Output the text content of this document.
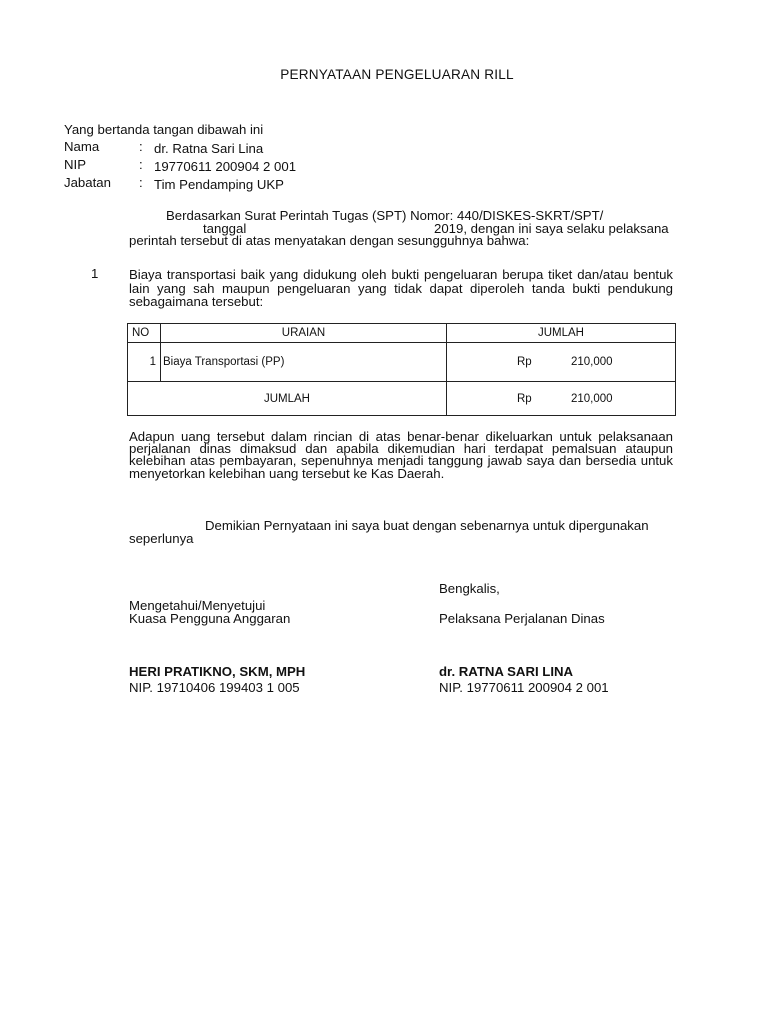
PERNYATAAN PENGELUARAN RILL
Yang bertanda tangan dibawah ini
Nama	: dr. Ratna Sari Lina
NIP	: 19770611 200904 2 001
Jabatan : Tim Pendamping UKP
Berdasarkan Surat Perintah Tugas (SPT) Nomor: 440/DISKES-SKRT/SPT/
tanggal	2019, dengan ini saya selaku pelaksana
perintah tersebut di atas menyatakan dengan sesungguhnya bahwa:
1 Biaya transportasi baik yang didukung oleh bukti pengeluaran berupa tiket dan/atau bentuk lain yang sah maupun pengeluaran yang tidak dapat diperoleh tanda bukti pendukung sebagaimana tersebut:
NO	URAIAN	JUMLAH
1	Biaya Transportasi (PP)	Rp 210,000
JUMLAH		Rp 210,000
Adapun uang tersebut dalam rincian di atas benar-benar dikeluarkan untuk pelaksanaan perjalanan dinas dimaksud dan apabila dikemudian hari terdapat pemalsuan ataupun kelebihan atas pembayaran, sepenuhnya menjadi tanggung jawab saya dan bersedia untuk menyetorkan kelebihan uang tersebut ke Kas Daerah.
Demikian Pernyataan ini saya buat dengan sebenarnya untuk dipergunakan
seperlunya
Bengkalis,
Mengetahui/Menyetujui
Kuasa Pengguna Anggaran	Pelaksana Perjalanan Dinas
HERI PRATIKNO, SKM, MPH
NIP. 19710406 199403 1 005
dr. RATNA SARI LINA
NIP. 19770611 200904 2 001
